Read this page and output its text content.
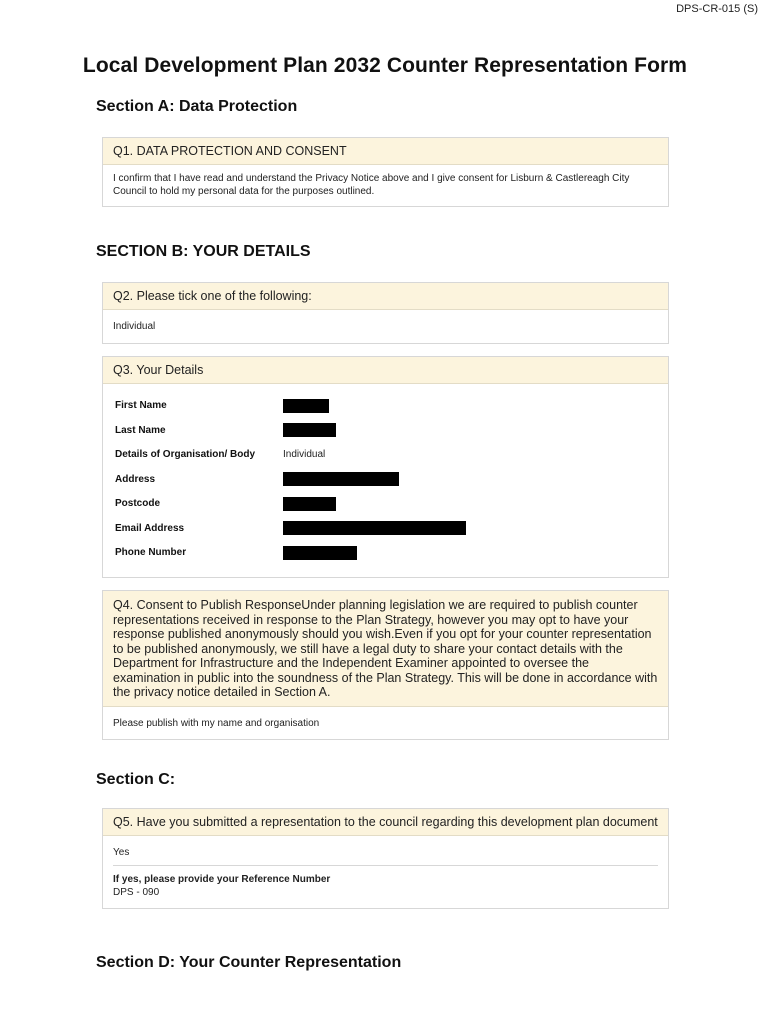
DPS-CR-015 (S)
Local Development Plan 2032 Counter Representation Form
Section A: Data Protection
Q1. DATA PROTECTION AND CONSENT
I confirm that I have read and understand the Privacy Notice above and I give consent for Lisburn & Castlereagh City Council to hold my personal data for the purposes outlined.
SECTION B: YOUR DETAILS
Q2. Please tick one of the following:
Individual
Q3. Your Details
First Name
Last Name
Details of Organisation/ Body	Individual
Address
Postcode
Email Address
Phone Number
Q4. Consent to Publish ResponseUnder planning legislation we are required to publish counter representations received in response to the Plan Strategy, however you may opt to have your response published anonymously should you wish.Even if you opt for your counter representation to be published anonymously, we still have a legal duty to share your contact details with the Department for Infrastructure and the Independent Examiner appointed to oversee the examination in public into the soundness of the Plan Strategy. This will be done in accordance with the privacy notice detailed in Section A.
Please publish with my name and organisation
Section C:
Q5. Have you submitted a representation to the council regarding this development plan document
Yes
If yes, please provide your Reference Number
DPS - 090
Section D: Your Counter Representation
